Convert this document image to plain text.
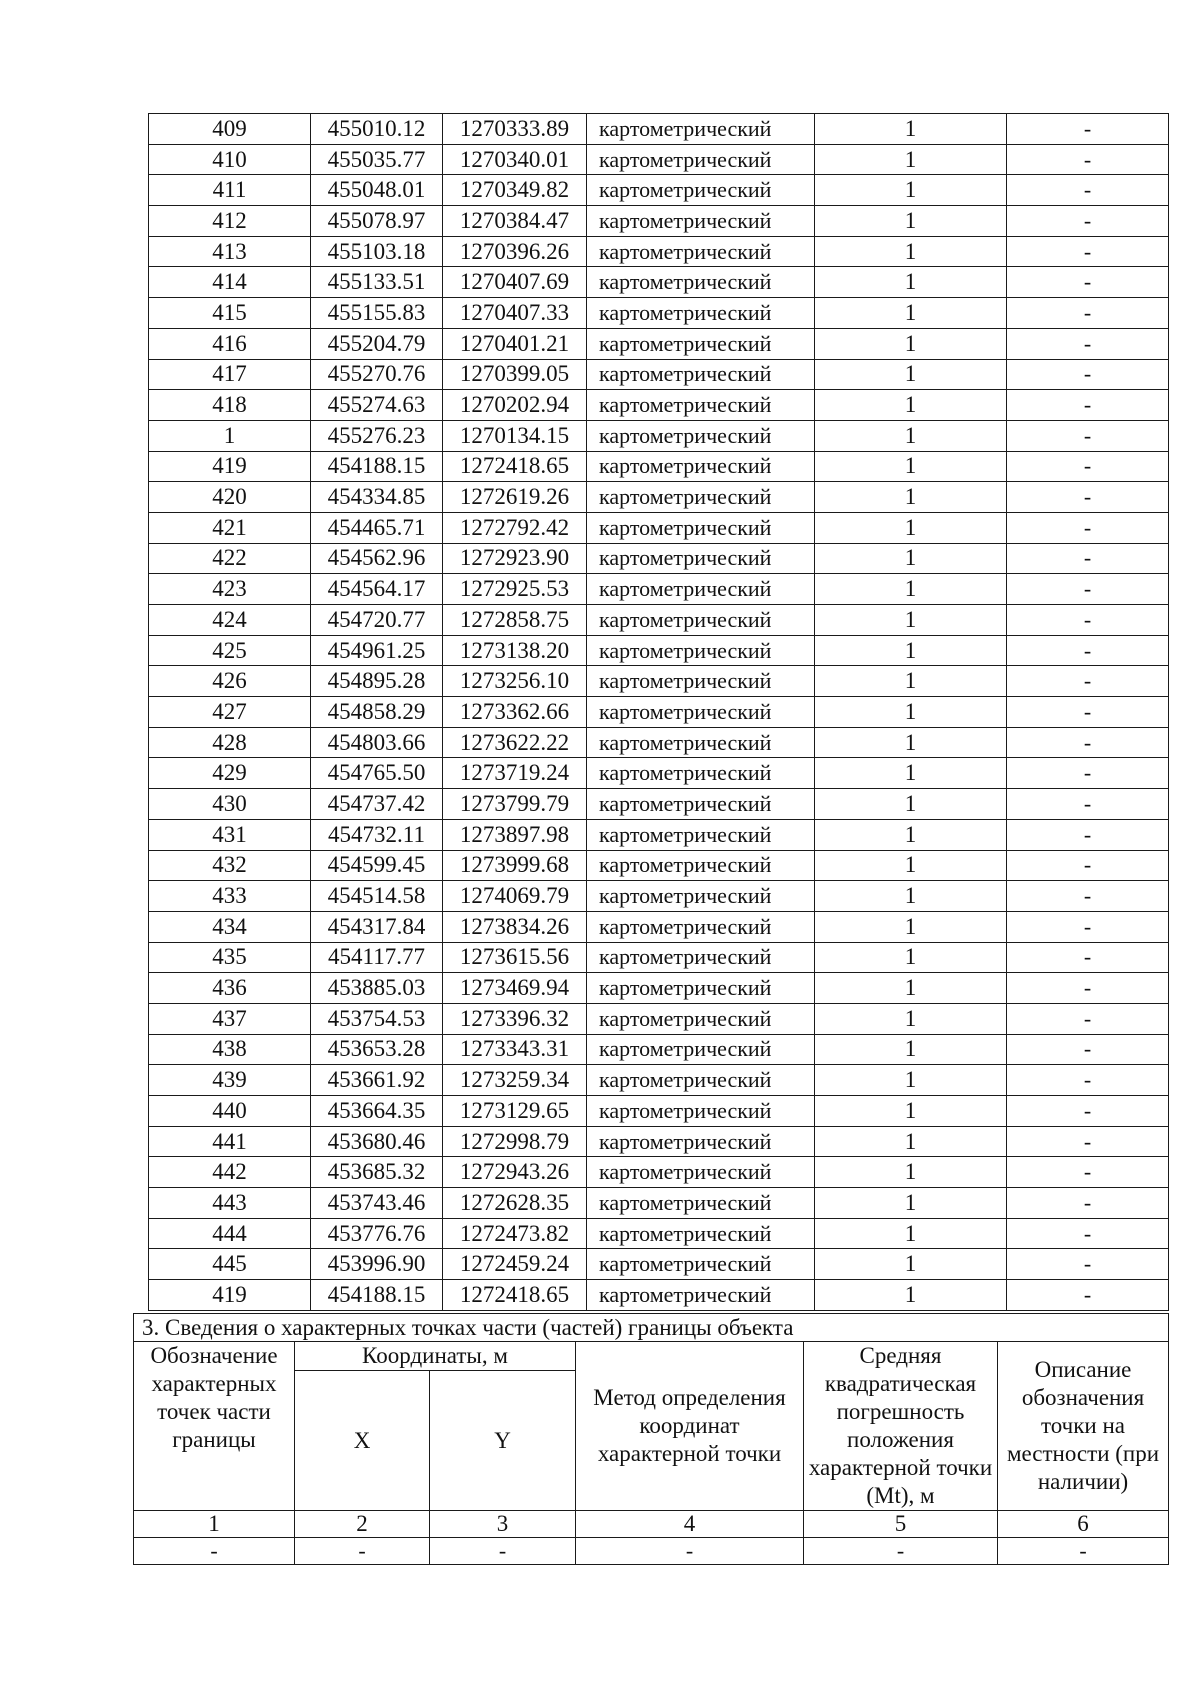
409	455010.12	1270333.89	картометрический	1	-
410	455035.77	1270340.01	картометрический	1	-
411	455048.01	1270349.82	картометрический	1	-
412	455078.97	1270384.47	картометрический	1	-
413	455103.18	1270396.26	картометрический	1	-
414	455133.51	1270407.69	картометрический	1	-
415	455155.83	1270407.33	картометрический	1	-
416	455204.79	1270401.21	картометрический	1	-
417	455270.76	1270399.05	картометрический	1	-
418	455274.63	1270202.94	картометрический	1	-
1	455276.23	1270134.15	картометрический	1	-
419	454188.15	1272418.65	картометрический	1	-
420	454334.85	1272619.26	картометрический	1	-
421	454465.71	1272792.42	картометрический	1	-
422	454562.96	1272923.90	картометрический	1	-
423	454564.17	1272925.53	картометрический	1	-
424	454720.77	1272858.75	картометрический	1	-
425	454961.25	1273138.20	картометрический	1	-
426	454895.28	1273256.10	картометрический	1	-
427	454858.29	1273362.66	картометрический	1	-
428	454803.66	1273622.22	картометрический	1	-
429	454765.50	1273719.24	картометрический	1	-
430	454737.42	1273799.79	картометрический	1	-
431	454732.11	1273897.98	картометрический	1	-
432	454599.45	1273999.68	картометрический	1	-
433	454514.58	1274069.79	картометрический	1	-
434	454317.84	1273834.26	картометрический	1	-
435	454117.77	1273615.56	картометрический	1	-
436	453885.03	1273469.94	картометрический	1	-
437	453754.53	1273396.32	картометрический	1	-
438	453653.28	1273343.31	картометрический	1	-
439	453661.92	1273259.34	картометрический	1	-
440	453664.35	1273129.65	картометрический	1	-
441	453680.46	1272998.79	картометрический	1	-
442	453685.32	1272943.26	картометрический	1	-
443	453743.46	1272628.35	картометрический	1	-
444	453776.76	1272473.82	картометрический	1	-
445	453996.90	1272459.24	картометрический	1	-
419	454188.15	1272418.65	картометрический	1	-
3. Сведения о характерных точках части (частей) границы объекта					
Обозначение характерных точек части границы	Координаты, м		Метод определения координат характерной точки	Средняя квадратическая погрешность положения характерной точки (Mt), м	Описание обозначения точки на местности (при наличии)
	X	Y			
1	2	3	4	5	6
-	-	-	-	-	-
